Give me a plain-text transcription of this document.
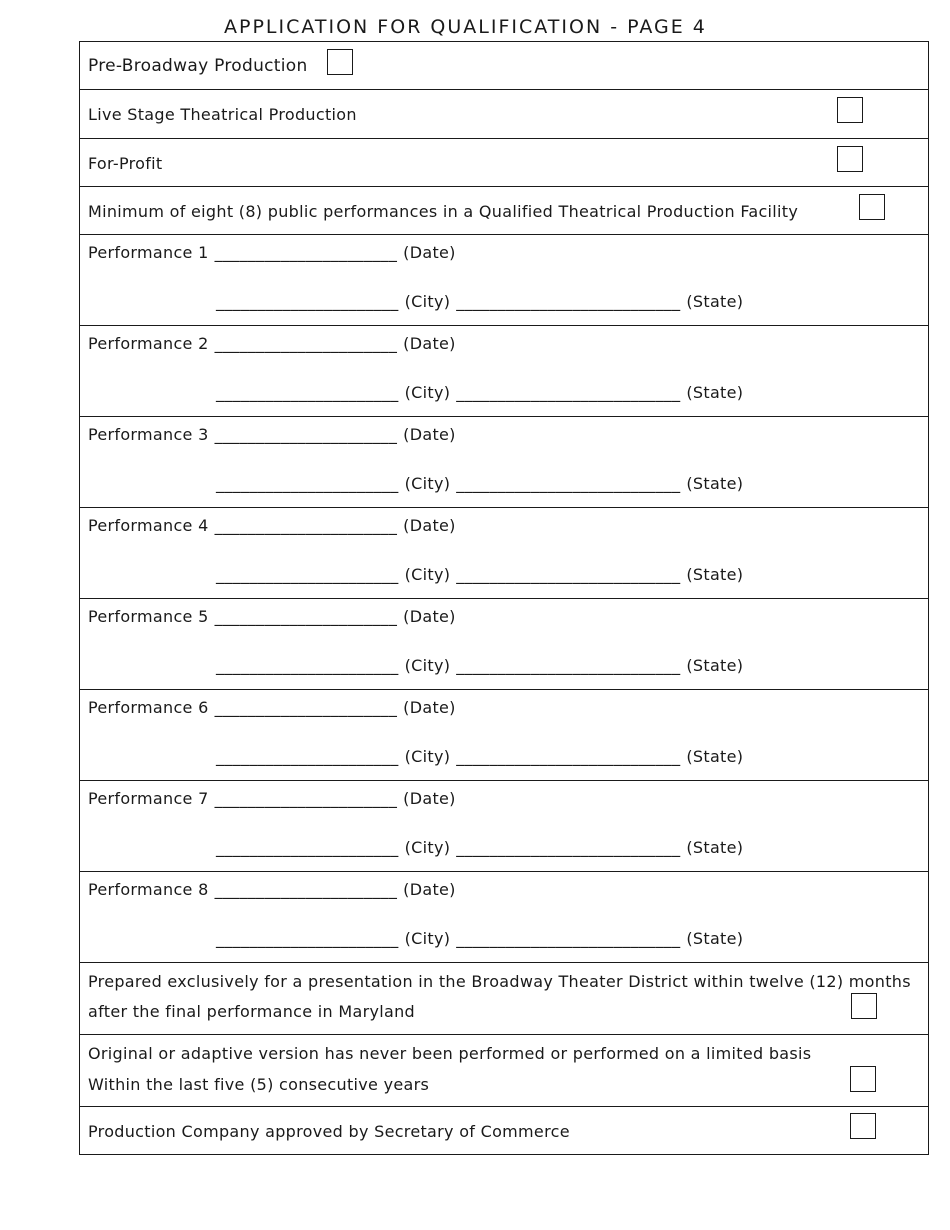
APPLICATION FOR QUALIFICATION - PAGE 4
Pre-Broadway Production
Live Stage Theatrical Production
For-Profit
Minimum of eight (8) public performances in a Qualified Theatrical Production Facility
Performance 1 ______________________ (Date)
______________________ (City) ___________________________ (State)
Performance 2 ______________________ (Date)
______________________ (City) ___________________________ (State)
Performance 3 ______________________ (Date)
______________________ (City) ___________________________ (State)
Performance 4 ______________________ (Date)
______________________ (City) ___________________________ (State)
Performance 5 ______________________ (Date)
______________________ (City) ___________________________ (State)
Performance 6 ______________________ (Date)
______________________ (City) ___________________________ (State)
Performance 7 ______________________ (Date)
______________________ (City) ___________________________ (State)
Performance 8 ______________________ (Date)
______________________ (City) ___________________________ (State)
Prepared exclusively for a presentation in the Broadway Theater District within twelve (12) months
after the final performance in Maryland
Original or adaptive version has never been performed or performed on a limited basis
Within the last five (5) consecutive years
Production Company approved by Secretary of Commerce
